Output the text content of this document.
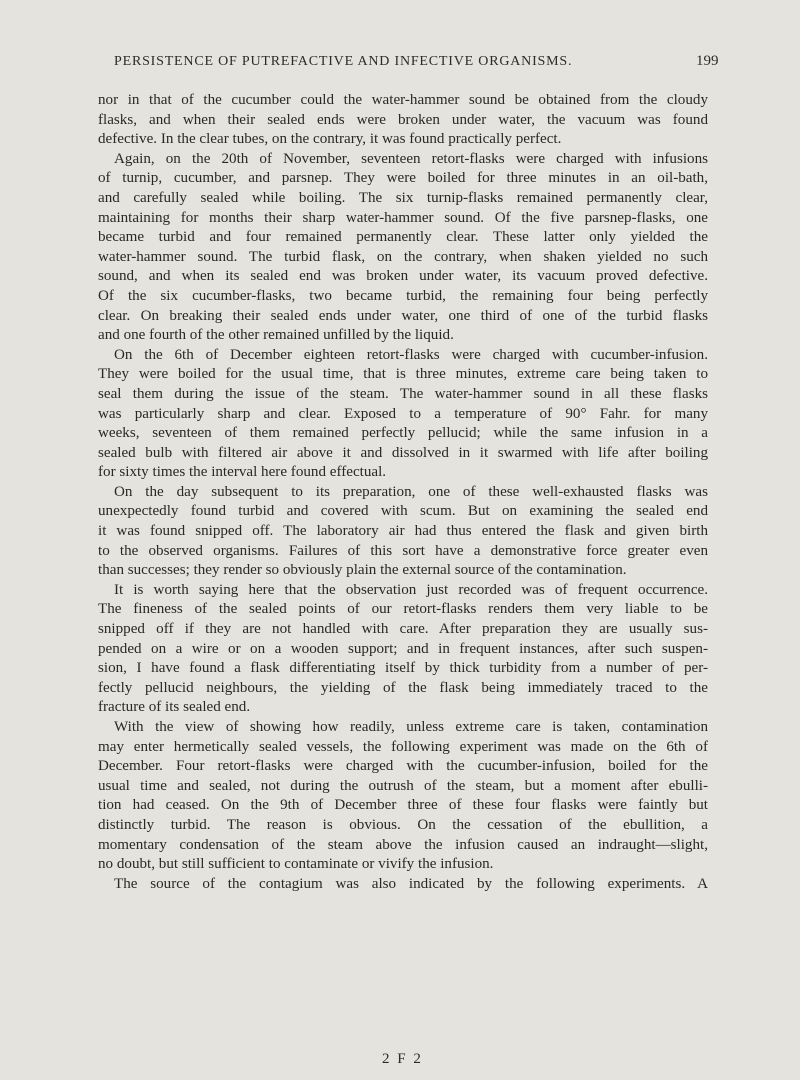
PERSISTENCE OF PUTREFACTIVE AND INFECTIVE ORGANISMS.	199
nor in that of the cucumber could the water-hammer sound be obtained from the cloudy
flasks, and when their sealed ends were broken under water, the vacuum was found
defective. In the clear tubes, on the contrary, it was found practically perfect.
Again, on the 20th of November, seventeen retort-flasks were charged with infusions
of turnip, cucumber, and parsnep. They were boiled for three minutes in an oil-bath,
and carefully sealed while boiling. The six turnip-flasks remained permanently clear,
maintaining for months their sharp water-hammer sound. Of the five parsnep-flasks, one
became turbid and four remained permanently clear. These latter only yielded the
water-hammer sound. The turbid flask, on the contrary, when shaken yielded no such
sound, and when its sealed end was broken under water, its vacuum proved defective.
Of the six cucumber-flasks, two became turbid, the remaining four being perfectly
clear. On breaking their sealed ends under water, one third of one of the turbid flasks
and one fourth of the other remained unfilled by the liquid.
On the 6th of December eighteen retort-flasks were charged with cucumber-infusion.
They were boiled for the usual time, that is three minutes, extreme care being taken to
seal them during the issue of the steam. The water-hammer sound in all these flasks
was particularly sharp and clear. Exposed to a temperature of 90° Fahr. for many
weeks, seventeen of them remained perfectly pellucid; while the same infusion in a
sealed bulb with filtered air above it and dissolved in it swarmed with life after boiling
for sixty times the interval here found effectual.
On the day subsequent to its preparation, one of these well-exhausted flasks was
unexpectedly found turbid and covered with scum. But on examining the sealed end
it was found snipped off. The laboratory air had thus entered the flask and given birth
to the observed organisms. Failures of this sort have a demonstrative force greater even
than successes; they render so obviously plain the external source of the contamination.
It is worth saying here that the observation just recorded was of frequent occurrence.
The fineness of the sealed points of our retort-flasks renders them very liable to be
snipped off if they are not handled with care. After preparation they are usually sus-
pended on a wire or on a wooden support; and in frequent instances, after such suspen-
sion, I have found a flask differentiating itself by thick turbidity from a number of per-
fectly pellucid neighbours, the yielding of the flask being immediately traced to the
fracture of its sealed end.
With the view of showing how readily, unless extreme care is taken, contamination
may enter hermetically sealed vessels, the following experiment was made on the 6th of
December. Four retort-flasks were charged with the cucumber-infusion, boiled for the
usual time and sealed, not during the outrush of the steam, but a moment after ebulli-
tion had ceased. On the 9th of December three of these four flasks were faintly but
distinctly turbid. The reason is obvious. On the cessation of the ebullition, a
momentary condensation of the steam above the infusion caused an indraught—slight,
no doubt, but still sufficient to contaminate or vivify the infusion.
The source of the contagium was also indicated by the following experiments. A
2 F 2
